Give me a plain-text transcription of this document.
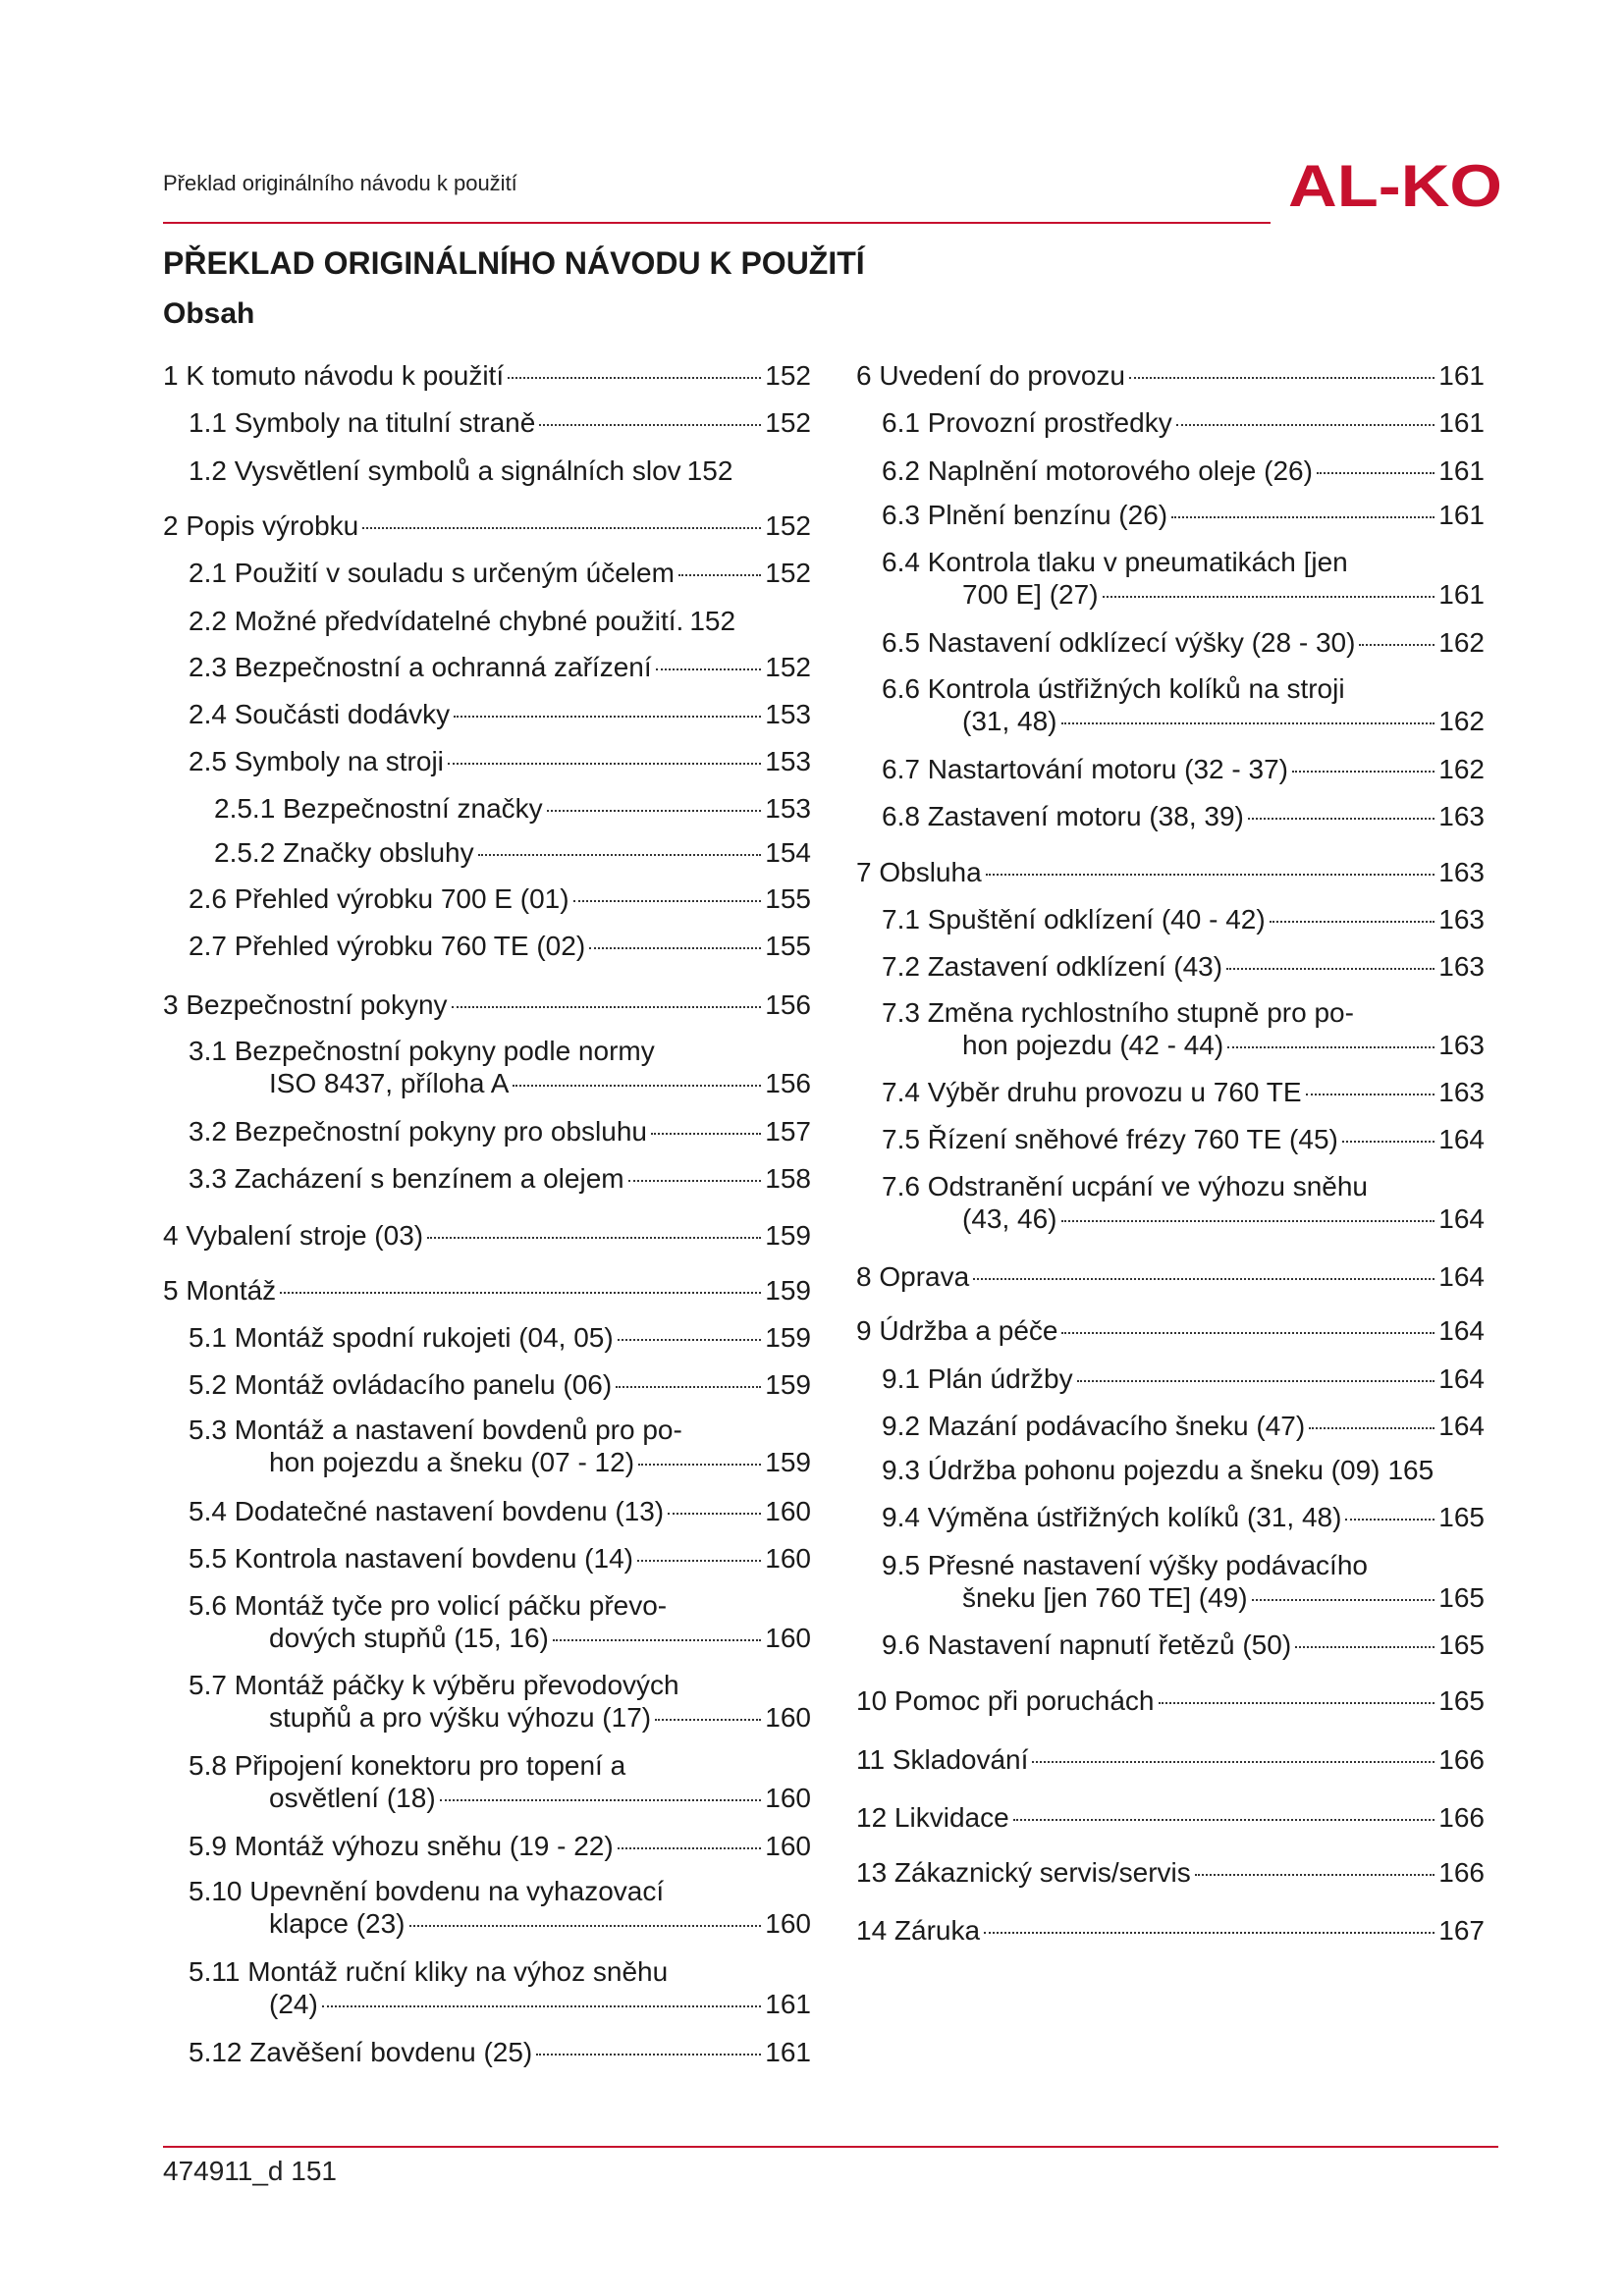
Překlad originálního návodu k použití	AL-KO
PŘEKLAD ORIGINÁLNÍHO NÁVODU K POUŽITÍ
Obsah
1 K tomuto návodu k použití	152
1.1 Symboly na titulní straně	152
1.2 Vysvětlení symbolů a signálních slov 152
2 Popis výrobku	152
2.1 Použití v souladu s určeným účelem	152
2.2 Možné předvídatelné chybné použití. 152
2.3 Bezpečnostní a ochranná zařízení	152
2.4 Součásti dodávky	153
2.5 Symboly na stroji	153
2.5.1 Bezpečnostní značky	153
2.5.2 Značky obsluhy	154
2.6 Přehled výrobku 700 E (01)	155
2.7 Přehled výrobku 760 TE (02)	155
3 Bezpečnostní pokyny	156
3.1 Bezpečnostní pokyny podle normy
ISO 8437, příloha A	156
3.2 Bezpečnostní pokyny pro obsluhu	157
3.3 Zacházení s benzínem a olejem	158
4 Vybalení stroje (03)	159
5 Montáž	159
5.1 Montáž spodní rukojeti (04, 05)	159
5.2 Montáž ovládacího panelu (06)	159
5.3 Montáž a nastavení bovdenů pro po-
hon pojezdu a šneku (07 - 12)	159
5.4 Dodatečné nastavení bovdenu (13)	160
5.5 Kontrola nastavení bovdenu (14)	160
5.6 Montáž tyče pro volicí páčku převo-
dových stupňů (15, 16)	160
5.7 Montáž páčky k výběru převodových
stupňů a pro výšku výhozu (17)	160
5.8 Připojení konektoru pro topení a
osvětlení (18)	160
5.9 Montáž výhozu sněhu (19 - 22)	160
5.10 Upevnění bovdenu na vyhazovací
klapce (23)	160
5.11 Montáž ruční kliky na výhoz sněhu
(24)	161
5.12 Zavěšení bovdenu (25)	161
6 Uvedení do provozu	161
6.1 Provozní prostředky	161
6.2 Naplnění motorového oleje (26)	161
6.3 Plnění benzínu (26)	161
6.4 Kontrola tlaku v pneumatikách [jen
700 E] (27)	161
6.5 Nastavení odklízecí výšky (28 - 30)	162
6.6 Kontrola ústřižných kolíků na stroji
(31, 48)	162
6.7 Nastartování motoru (32 - 37)	162
6.8 Zastavení motoru (38, 39)	163
7 Obsluha	163
7.1 Spuštění odklízení (40 - 42)	163
7.2 Zastavení odklízení (43)	163
7.3 Změna rychlostního stupně pro po-
hon pojezdu (42 - 44)	163
7.4 Výběr druhu provozu u 760 TE	163
7.5 Řízení sněhové frézy 760 TE (45)	164
7.6 Odstranění ucpání ve výhozu sněhu
(43, 46)	164
8 Oprava	164
9 Údržba a péče	164
9.1 Plán údržby	164
9.2 Mazání podávacího šneku (47)	164
9.3 Údržba pohonu pojezdu a šneku (09) 165
9.4 Výměna ústřižných kolíků (31, 48)	165
9.5 Přesné nastavení výšky podávacího
šneku [jen 760 TE] (49)	165
9.6 Nastavení napnutí řetězů (50)	165
10 Pomoc při poruchách	165
11 Skladování	166
12 Likvidace	166
13 Zákaznický servis/servis	166
14 Záruka	167
474911_d 151
